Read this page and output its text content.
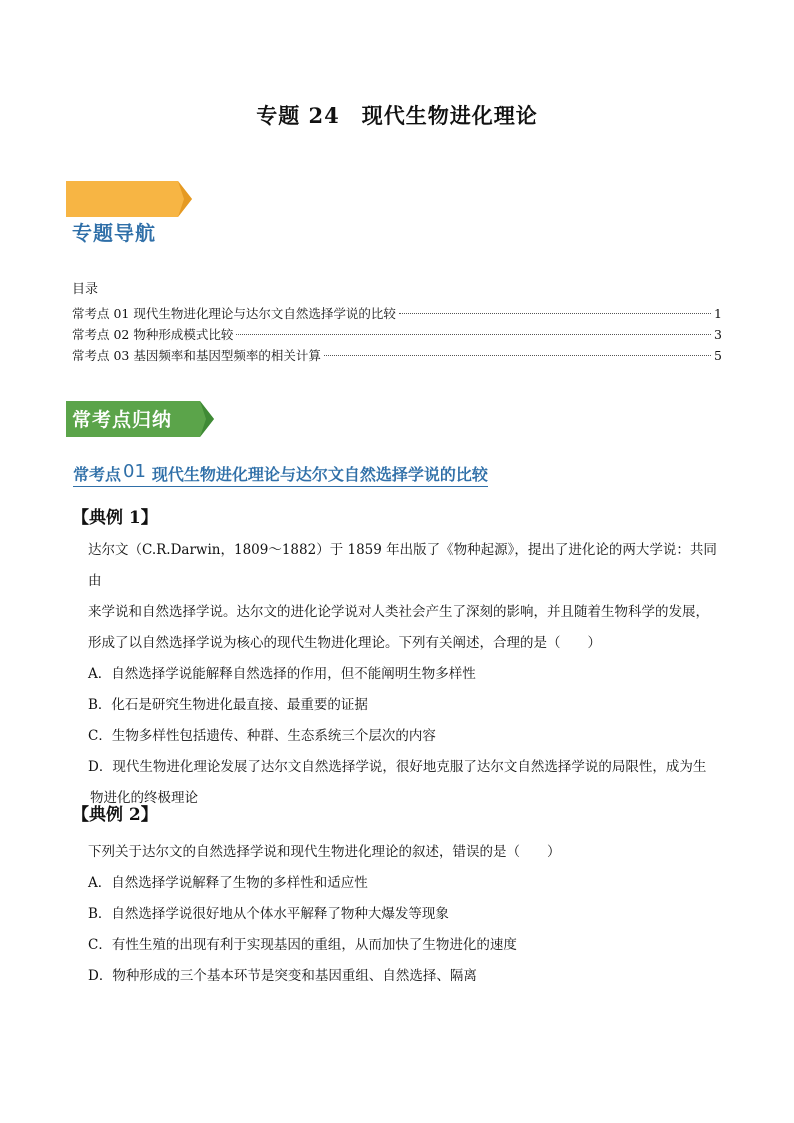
专题 24　现代生物进化理论
专题导航
目录
常考点 01 现代生物进化理论与达尔文自然选择学说的比较	1
常考点 02 物种形成模式比较	3
常考点 03 基因频率和基因型频率的相关计算	5
常考点归纳
常考点 01 现代生物进化理论与达尔文自然选择学说的比较
【典例 1】
达尔文（C.R.Darwin，1809～1882）于 1859 年出版了《物种起源》，提出了进化论的两大学说：共同由
来学说和自然选择学说。达尔文的进化论学说对人类社会产生了深刻的影响，并且随着生物科学的发展，
形成了以自然选择学说为核心的现代生物进化理论。下列有关阐述，合理的是（　　）
A．自然选择学说能解释自然选择的作用，但不能阐明生物多样性
B．化石是研究生物进化最直接、最重要的证据
C．生物多样性包括遗传、种群、生态系统三个层次的内容
D．现代生物进化理论发展了达尔文自然选择学说，很好地克服了达尔文自然选择学说的局限性，成为生
物进化的终极理论
【典例 2】
下列关于达尔文的自然选择学说和现代生物进化理论的叙述，错误的是（　　）
A．自然选择学说解释了生物的多样性和适应性
B．自然选择学说很好地从个体水平解释了物种大爆发等现象
C．有性生殖的出现有利于实现基因的重组，从而加快了生物进化的速度
D．物种形成的三个基本环节是突变和基因重组、自然选择、隔离
